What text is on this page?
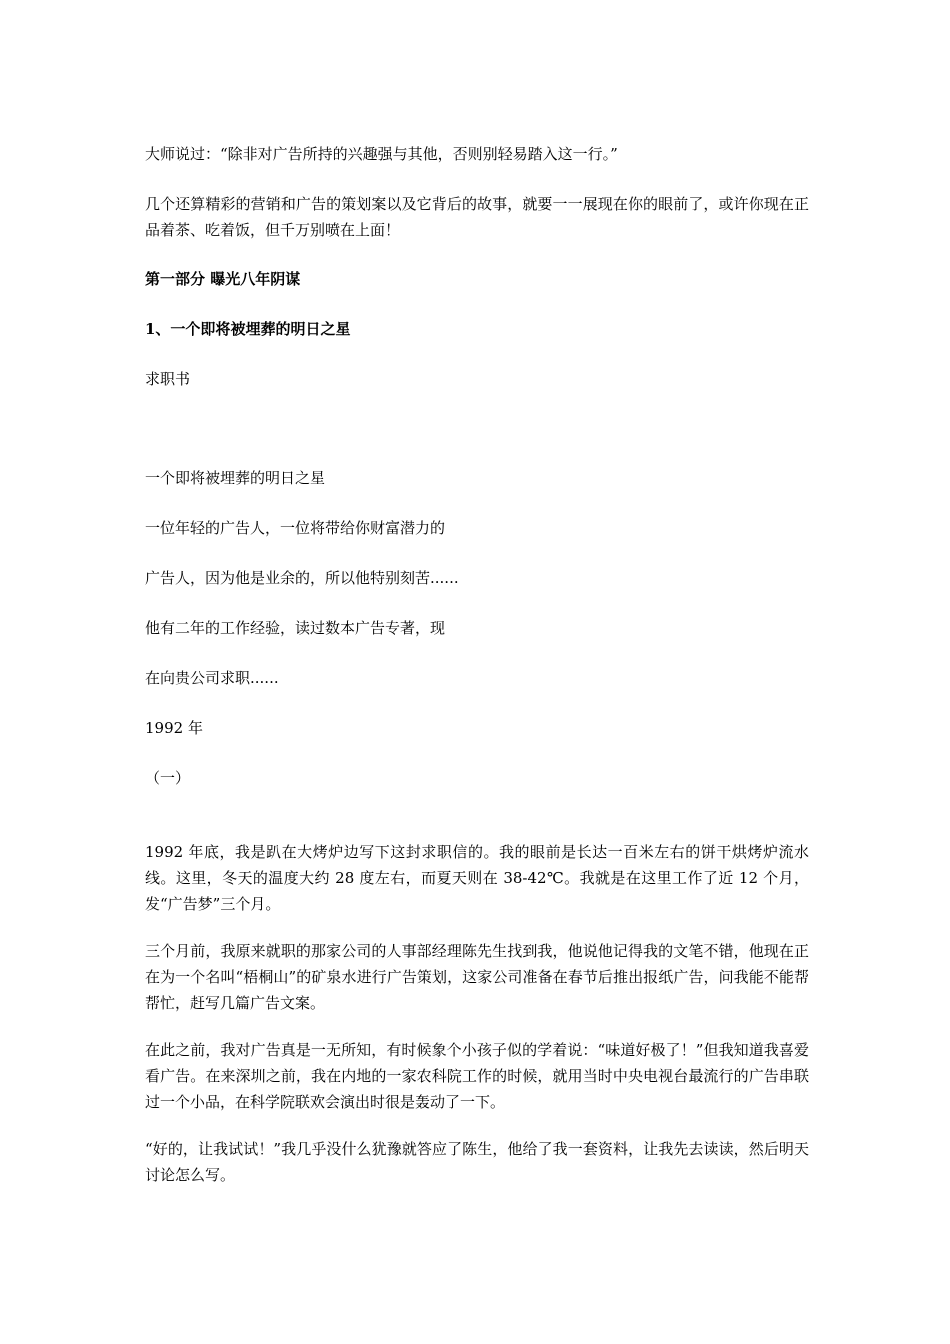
大师说过：“除非对广告所持的兴趣强与其他，否则别轻易踏入这一行。”
几个还算精彩的营销和广告的策划案以及它背后的故事，就要一一展现在你的眼前了，或许你现在正品着茶、吃着饭，但千万别喷在上面！
第一部分 曝光八年阴谋
1、一个即将被埋葬的明日之星
求职书
一个即将被埋葬的明日之星
一位年轻的广告人，一位将带给你财富潜力的
广告人，因为他是业余的，所以他特别刻苦......
他有二年的工作经验，读过数本广告专著，现
在向贵公司求职......
1992 年
（一）
1992 年底，我是趴在大烤炉边写下这封求职信的。我的眼前是长达一百米左右的饼干烘烤炉流水线。这里，冬天的温度大约 28 度左右，而夏天则在 38-42℃。我就是在这里工作了近 12 个月，发“广告梦”三个月。
三个月前，我原来就职的那家公司的人事部经理陈先生找到我，他说他记得我的文笔不错，他现在正在为一个名叫“梧桐山”的矿泉水进行广告策划，这家公司准备在春节后推出报纸广告，问我能不能帮帮忙，赶写几篇广告文案。
在此之前，我对广告真是一无所知，有时候象个小孩子似的学着说：“味道好极了！”但我知道我喜爱看广告。在来深圳之前，我在内地的一家农科院工作的时候，就用当时中央电视台最流行的广告串联过一个小品，在科学院联欢会演出时很是轰动了一下。
“好的，让我试试！”我几乎没什么犹豫就答应了陈生，他给了我一套资料，让我先去读读，然后明天讨论怎么写。
